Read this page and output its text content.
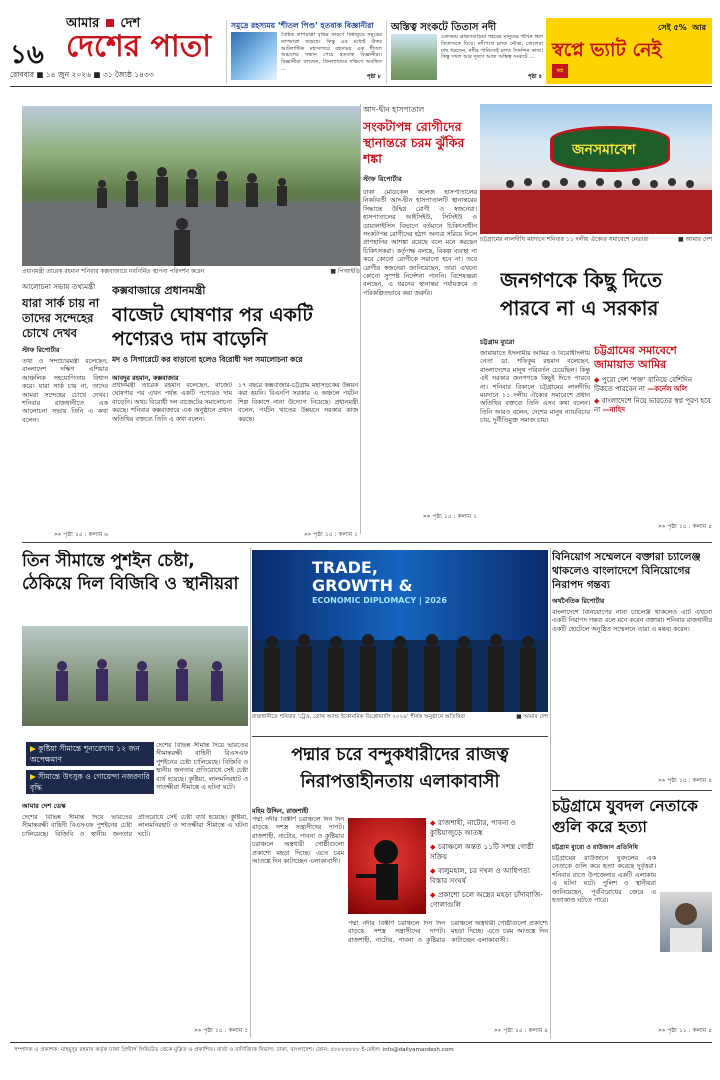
১৬
আমার দেশ
দেশের পাতা
রোববার ■ ১৪ জুন ২০২৬ ■ ৩১ জ্যৈষ্ঠ ১৪৩৩
সমুদ্রে রহস্যময় ‘শীতল পিণ্ড’ হতবাক বিজ্ঞানীরা
বৈশ্বিক তাপমাত্রা বৃদ্ধির কারণে বিশ্বজুড়ে সমুদ্রের তাপমাত্রা বাড়ছে। কিন্তু এর মধ্যেই উত্তর আটলান্টিক মহাসাগরে রহস্যময় এক শীতল অঞ্চলের সন্ধান পেয়ে হতবাক বিজ্ঞানীরা। বিজ্ঞানীরা বলছেন, গ্রিনল্যান্ডের দক্ষিণে অবস্থিত ...
পৃষ্ঠা ৮
অস্তিত্ব সংকটে তিতাস নদী
একসময় ব্রাহ্মণবাড়িয়া শহরের মানুষের জীবন ছিল তিতাসকে ঘিরে। নদীপথে চলত নৌকা, জেলেরা মাছ ধরতেন, নদীর পানিতেই চলত দৈনন্দিন কাজ। কিন্তু দখল আর দূষণে আজ অস্তিত্ব সংকটে ...
পৃষ্ঠা ৫
সেই ৫% আর
স্বপ্নে ভ্যাট নেই
স্বপ্ন
প্রধানমন্ত্রী তারেক রহমান শনিবার কক্সবাজারে নবনির্মিত স্থাপনা পরিদর্শন করেন	■ পিআইডি
আদ-দ্বীন হাসপাতাল
সংকটাপন্ন রোগীদের স্থানান্তরে চরম ঝুঁকির শঙ্কা
স্টাফ রিপোর্টার
ঢাকা মেডিকেল কলেজ হাসপাতালের নিকটবর্তী আদ-দ্বীন হাসপাতালটি স্থানান্তরের সিদ্ধান্তে উদ্বিগ্ন রোগী ও স্বজনেরা। হাসপাতালের আইসিইউ, সিসিইউ ও ডায়ালাইসিস বিভাগে বর্তমানে চিকিৎসাধীন সংকটাপন্ন রোগীদের হঠাৎ অন্যত্র সরিয়ে নিলে প্রাণহানির আশঙ্কা রয়েছে বলে মনে করছেন চিকিৎসকরা। কর্তৃপক্ষ বলছে, বিকল্প ব্যবস্থা না করে কোনো রোগীকে সরানো হবে না। তবে রোগীর স্বজনেরা জানিয়েছেন, তারা এখনো কোনো সুস্পষ্ট নির্দেশনা পাননি। বিশেষজ্ঞরা বলছেন, এ ধরনের স্থানান্তর পর্যায়ক্রমে ও পরিকল্পিতভাবে করা জরুরি।
»» পৃষ্ঠা ১৫ : কলাম ১
জনসমাবেশ
চট্টগ্রামের লালদীঘি ময়দানে শনিবার ১১ দলীয় ঐক্যের সমাবেশে নেতারা	■ আমার দেশ
জনগণকে কিছু দিতে পারবে না এ সরকার
চট্টগ্রাম ব্যুরো
জামায়াতে ইসলামীর আমির ও বিরোধীদলীয় নেতা ডা. শফিকুর রহমান বলেছেন, বাংলাদেশের মানুষ পরিবর্তন চেয়েছিল। কিন্তু এই সরকার জনগণকে কিছুই দিতে পারবে না। শনিবার বিকালে চট্টগ্রামের লালদীঘি ময়দানে ১১ দলীয় ঐক্যের সমাবেশে প্রধান অতিথির বক্তব্যে তিনি এসব কথা বলেন। তিনি আরও বলেন, দেশের মানুষ ন্যায়বিচার চায়, দুর্নীতিমুক্ত সমাজ চায়।
»» পৃষ্ঠা ১৫ : কলাম ৪
চট্টগ্রামের সমাবেশে জামায়াত আমির
◆ পুরো দেশ ‘শক্ত’ বানিয়ে বেশিদিন টিকতে পারবেন না —কর্নেল অলি
◆ বাংলাদেশে নিয়ে ভারতের স্বপ্ন পূরণ হবে না —নাহিদ
কক্সবাজারে প্রধানমন্ত্রী
বাজেট ঘোষণার পর একটি পণ্যেরও দাম বাড়েনি
মদ ও সিগারেটে কর বাড়ানো হলেও বিরোধী দল সমালোচনা করে
আবদুর রহমান, কক্সবাজার
প্রধানমন্ত্রী তারেক রহমান বলেছেন, বাজেট ঘোষণার পর এখন পর্যন্ত একটি পণ্যেরও দাম বাড়েনি। অথচ বিরোধী দল বাজেটের সমালোচনা করছে। শনিবার কক্সবাজারে এক অনুষ্ঠানে প্রধান অতিথির বক্তব্যে তিনি এ কথা বলেন।
১৭ বছরে কক্সবাজার-চট্টগ্রাম মহাসড়কের উন্নয়ন করা হয়নি। বিএনপি সরকার এ অঞ্চলে পর্যটন শিল্প বিকাশে নানা উদ্যোগ নিয়েছে। প্রধানমন্ত্রী বলেন, পর্যটন খাতের উন্নয়নে সরকার কাজ করছে।
»» পৃষ্ঠা ১৫ : কলাম ১
আলোচনা সভায় তথ্যমন্ত্রী
যারা সার্ক চায় না তাদের সন্দেহের চোখে দেখব
স্টাফ রিপোর্টার
তথ্য ও সম্প্রচারমন্ত্রী বলেছেন, বাংলাদেশ দক্ষিণ এশিয়ার আঞ্চলিক সহযোগিতায় বিশ্বাস করে। যারা সার্ক চায় না, তাদের আমরা সন্দেহের চোখে দেখব। শনিবার রাজধানীতে এক আলোচনা সভায় তিনি এ কথা বলেন।
»» পৃষ্ঠা ১৫ : কলাম ৬
তিন সীমান্তে পুশইন চেষ্টা, ঠেকিয়ে দিল বিজিবি ও স্থানীয়রা
▶ কুষ্টিয়া সীমান্তে শূন্যরেখায় ১২ জন অপেক্ষমাণ
▶ সীমান্তে উৎসুক ও গোয়েন্দা নজরদারি বৃদ্ধি
আমার দেশ ডেস্ক
দেশের বিভিন্ন সীমান্ত দিয়ে ভারতের সীমান্তরক্ষী বাহিনী বিএসএফ পুশইনের চেষ্টা চালিয়েছে। বিজিবি ও স্থানীয় জনতার প্রতিরোধে সেই চেষ্টা ব্যর্থ হয়েছে। কুষ্টিয়া, লালমনিরহাট ও সাতক্ষীরা সীমান্তে এ ঘটনা ঘটে।
»» পৃষ্ঠা ১৫ : কলাম ১
দেশের বিভিন্ন সীমান্ত দিয়ে ভারতের সীমান্তরক্ষী বাহিনী বিএসএফ পুশইনের চেষ্টা চালিয়েছে। বিজিবি ও স্থানীয় জনতার প্রতিরোধে সেই চেষ্টা ব্যর্থ হয়েছে। কুষ্টিয়া, লালমনিরহাট ও সাতক্ষীরা সীমান্তে এ ঘটনা ঘটে।
TRADE,
GROWTH &
ECONOMIC DIPLOMACY | 2026
রাজধানীতে শনিবার ‘ট্রেড, গ্রোথ অ্যান্ড ইকোনমিক ডিপ্লোম্যাসি ২০২৬’ শীর্ষক অনুষ্ঠানে অতিথিরা	■ আমার দেশ
বিনিয়োগ সম্মেলনে বক্তারা চ্যালেঞ্জ থাকলেও বাংলাদেশে বিনিয়োগের নিরাপদ গন্তব্য
অর্থনৈতিক রিপোর্টার
বাংলাদেশে বিনিয়োগের নানা চ্যালেঞ্জ থাকলেও এটি এখনো একটি নিরাপদ গন্তব্য বলে মনে করেন বক্তারা। শনিবার রাজধানীর একটি হোটেলে অনুষ্ঠিত সম্মেলনে তারা এ মন্তব্য করেন।
»» পৃষ্ঠা ১৫ : কলাম ৪
পদ্মার চরে বন্দুকধারীদের রাজত্ব নিরাপত্তাহীনতায় এলাকাবাসী
মহিম উদ্দিন, রাজশাহী
পদ্মা নদীর বিস্তীর্ণ চরাঞ্চলে দিন দিন বাড়ছে সশস্ত্র সন্ত্রাসীদের দাপট। রাজশাহী, নাটোর, পাবনা ও কুষ্টিয়ার চরাঞ্চলে অস্ত্রধারী গোষ্ঠীগুলো প্রকাশ্যে মহড়া দিচ্ছে। এতে চরম আতঙ্কে দিন কাটাচ্ছেন এলাকাবাসী।
◆ রাজশাহী, নাটোর, পাবনা ও কুষ্টিয়াজুড়ে আতঙ্ক
◆ চরাঞ্চলে অন্তত ১১টি সশস্ত্র গোষ্ঠী সক্রিয়
◆ বালুমহাল, চর দখল ও আধিপত্য বিস্তার সংঘর্ষ
◆ প্রকাশ্যে চলে অস্ত্রের মহড়া চাঁদাবাজি-গোলাগুলি
পদ্মা নদীর বিস্তীর্ণ চরাঞ্চলে দিন দিন বাড়ছে সশস্ত্র সন্ত্রাসীদের দাপট। রাজশাহী, নাটোর, পাবনা ও কুষ্টিয়ার চরাঞ্চলে অস্ত্রধারী গোষ্ঠীগুলো প্রকাশ্যে মহড়া দিচ্ছে। এতে চরম আতঙ্কে দিন কাটাচ্ছেন এলাকাবাসী।
»» পৃষ্ঠা ১৫ : কলাম ৪
চট্টগ্রামে যুবদল নেতাকে গুলি করে হত্যা
চট্টগ্রাম ব্যুরো ও রাউজান প্রতিনিধি
চট্টগ্রামের রাউজানে যুবদলের এক নেতাকে গুলি করে হত্যা করেছে দুর্বৃত্তরা। শনিবার রাতে উপজেলার একটি এলাকায় এ ঘটনা ঘটে। পুলিশ ও স্থানীয়রা জানিয়েছেন, পূর্ববিরোধের জেরে এ হত্যাকাণ্ড ঘটতে পারে।
»» পৃষ্ঠা ১১ : কলাম ৪
সম্পাদক ও প্রকাশক: মাহমুদুর রহমান কর্তৃক ঢাকা প্রিন্টার্স লিমিটেড থেকে মুদ্রিত ও প্রকাশিত। বার্তা ও বাণিজ্যিক বিভাগ: ঢাকা, বাংলাদেশ। ফোন: ৫৮৮৮৮৮৮৮ ই-মেইল: info@dailyamardesh.com
